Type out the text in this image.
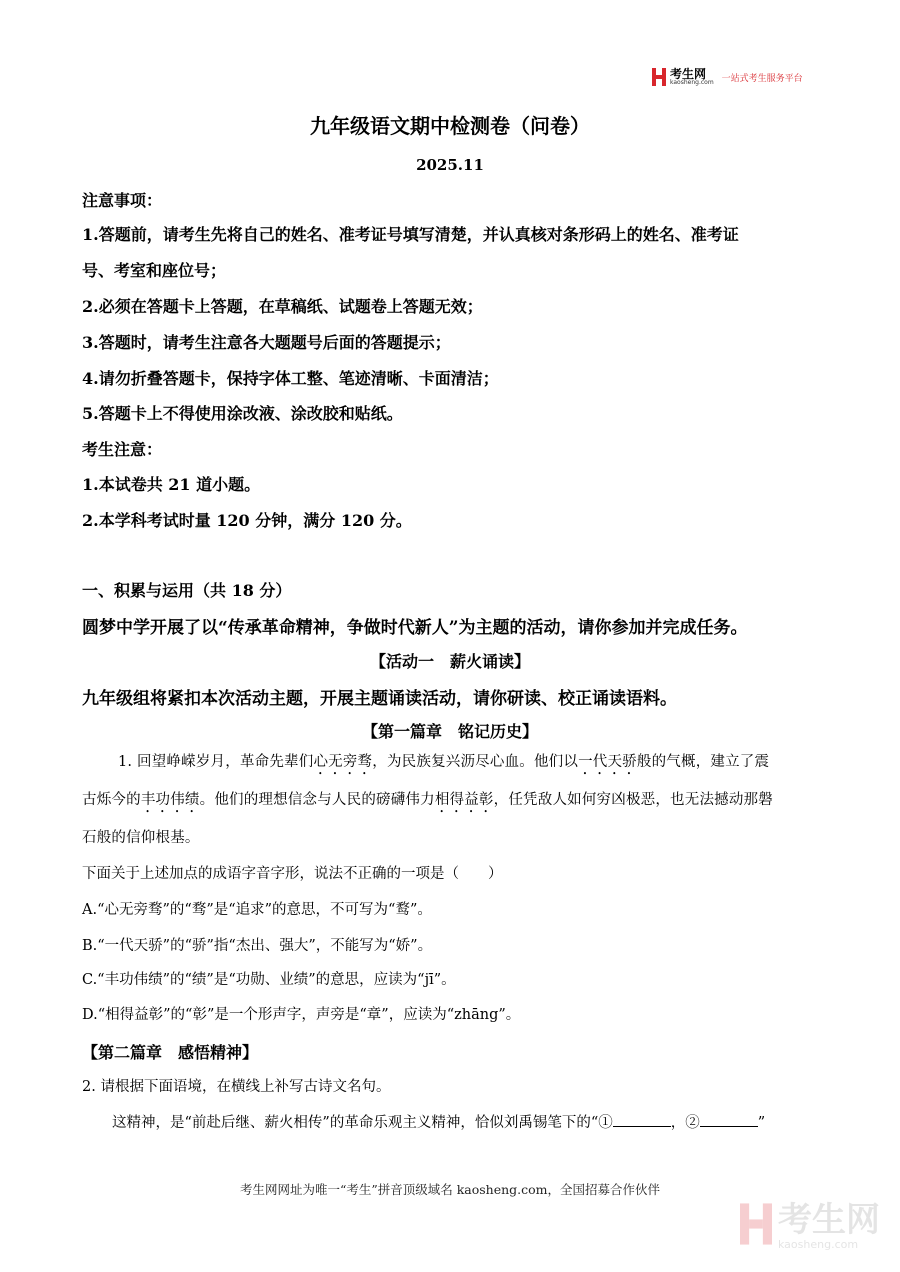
考生网
kaosheng.com 一站式考生服务平台
九年级语文期中检测卷（问卷）
2025.11
注意事项：
1.答题前，请考生先将自己的姓名、准考证号填写清楚，并认真核对条形码上的姓名、准考证
号、考室和座位号；
2.必须在答题卡上答题，在草稿纸、试题卷上答题无效；
3.答题时，请考生注意各大题题号后面的答题提示；
4.请勿折叠答题卡，保持字体工整、笔迹清晰、卡面清洁；
5.答题卡上不得使用涂改液、涂改胶和贴纸。
考生注意：
1.本试卷共 21 道小题。
2.本学科考试时量 120 分钟，满分 120 分。
一、积累与运用（共 18 分）
圆梦中学开展了以“传承革命精神，争做时代新人”为主题的活动，请你参加并完成任务。
【活动一　薪火诵读】
九年级组将紧扣本次活动主题，开展主题诵读活动，请你研读、校正诵读语料。
【第一篇章　铭记历史】
1. 回望峥嵘岁月，革命先辈们心无旁骛，为民族复兴沥尽心血。他们以一代天骄般的气概，建立了震
古烁今的丰功伟绩。他们的理想信念与人民的磅礴伟力相得益彰，任凭敌人如何穷凶极恶，也无法撼动那磐
石般的信仰根基。
下面关于上述加点的成语字音字形，说法不正确的一项是（　　）
A.“心无旁骛”的“骛”是“追求”的意思，不可写为“鹜”。
B.“一代天骄”的“骄”指“杰出、强大”，不能写为“娇”。
C.“丰功伟绩”的“绩”是“功勋、业绩”的意思，应读为“jī”。
D.“相得益彰”的“彰”是一个形声字，声旁是“章”，应读为“zhāng”。
【第二篇章　感悟精神】
2. 请根据下面语境，在横线上补写古诗文名句。
这精神，是“前赴后继、薪火相传”的革命乐观主义精神，恰似刘禹锡笔下的“①	，②	”
考生网网址为唯一“考生”拼音顶级域名 kaosheng.com，全国招募合作伙伴
考生网
kaosheng.com
